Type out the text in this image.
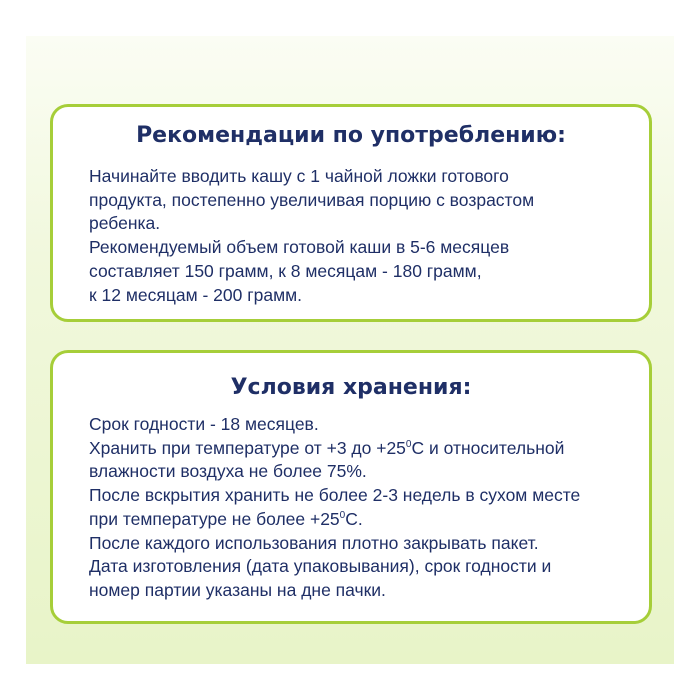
Рекомендации по употреблению:
Начинайте вводить кашу с 1 чайной ложки готового
продукта, постепенно увеличивая порцию с возрастом
ребенка.
Рекомендуемый объем готовой каши в 5-6 месяцев
составляет 150 грамм, к 8 месяцам - 180 грамм,
к 12 месяцам - 200 грамм.
Условия хранения:
Срок годности - 18 месяцев.
Хранить при температуре от +3 до $+25^0С$ и относительной
влажности воздуха не более 75%.
После вскрытия хранить не более 2-3 недель в сухом месте
при температуре не более $+25^0С$.
После каждого использования плотно закрывать пакет.
Дата изготовления (дата упаковывания), срок годности и
номер партии указаны на дне пачки.
